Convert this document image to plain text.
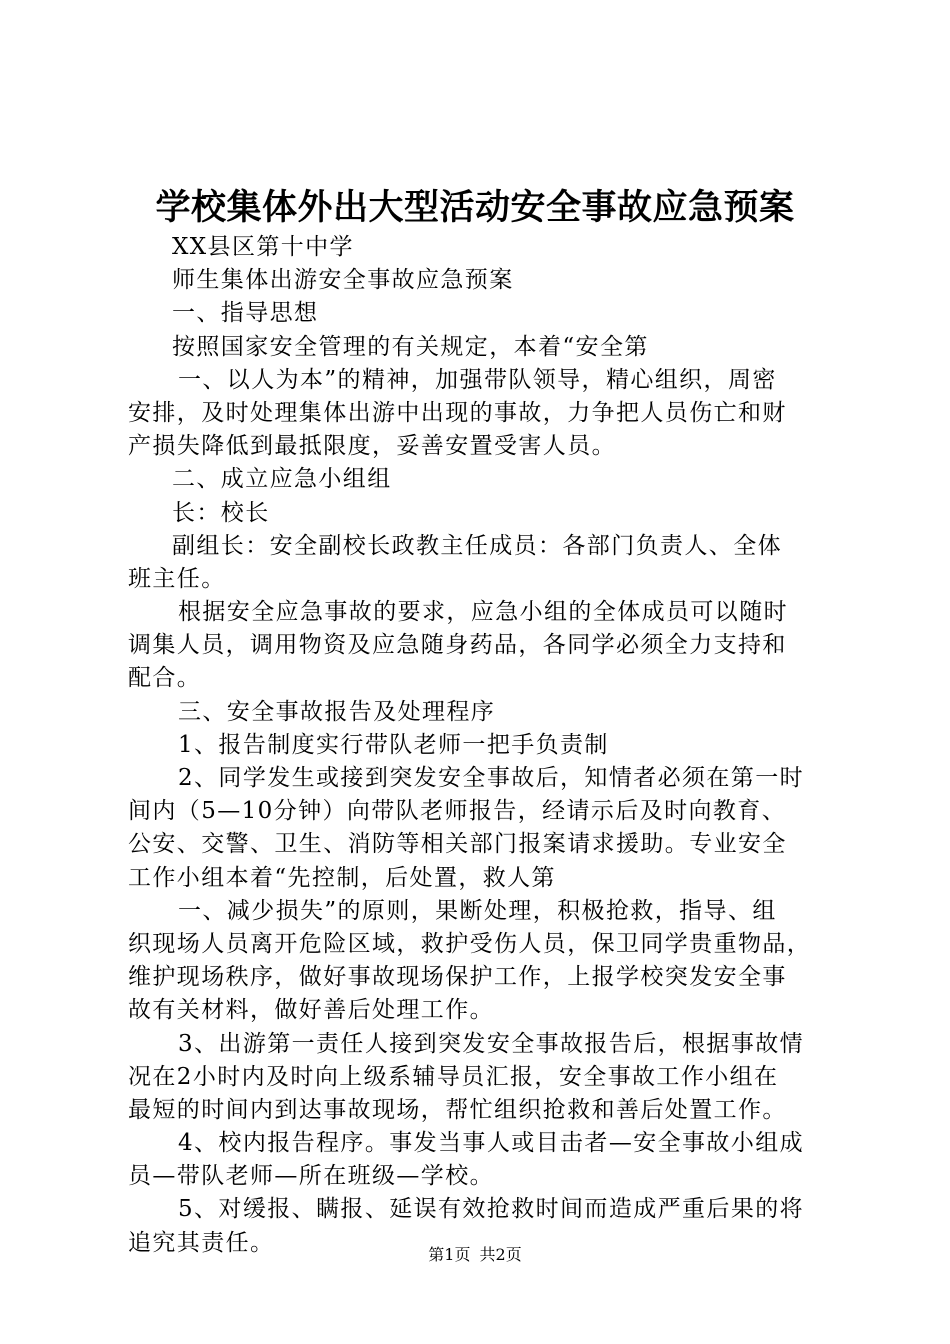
学校集体外出大型活动安全事故应急预案
XX县区第十中学
师生集体出游安全事故应急预案
一、指导思想
按照国家安全管理的有关规定，本着“安全第
一、以人为本”的精神，加强带队领导，精心组织，周密
安排，及时处理集体出游中出现的事故，力争把人员伤亡和财
产损失降低到最抵限度，妥善安置受害人员。
二、成立应急小组组
长：校长
副组长：安全副校长政教主任成员：各部门负责人、全体
班主任。
根据安全应急事故的要求，应急小组的全体成员可以随时
调集人员，调用物资及应急随身药品，各同学必须全力支持和
配合。
三、安全事故报告及处理程序
1、报告制度实行带队老师一把手负责制
2、同学发生或接到突发安全事故后，知情者必须在第一时
间内（5—10分钟）向带队老师报告，经请示后及时向教育、
公安、交警、卫生、消防等相关部门报案请求援助。专业安全
工作小组本着“先控制，后处置，救人第
一、减少损失”的原则，果断处理，积极抢救，指导、组
织现场人员离开危险区域，救护受伤人员，保卫同学贵重物品，
维护现场秩序，做好事故现场保护工作，上报学校突发安全事
故有关材料，做好善后处理工作。
3、出游第一责任人接到突发安全事故报告后，根据事故情
况在2小时内及时向上级系辅导员汇报，安全事故工作小组在
最短的时间内到达事故现场，帮忙组织抢救和善后处置工作。
4、校内报告程序。事发当事人或目击者—安全事故小组成
员—带队老师—所在班级—学校。
5、对缓报、瞒报、延误有效抢救时间而造成严重后果的将
追究其责任。	第1页 共2页
